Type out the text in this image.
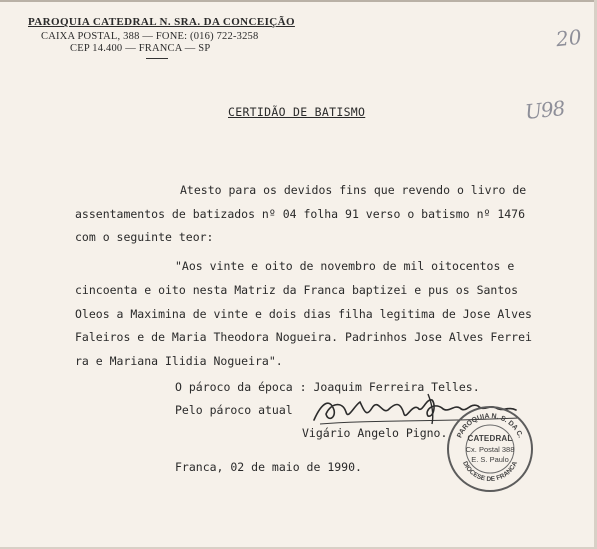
PAROQUIA CATEDRAL N. SRA. DA CONCEIÇÃO
CAIXA POSTAL, 388 — FONE: (016) 722-3258
CEP 14.400 — FRANCA — SP	20
U98
CERTIDÃO DE BATISMO
Atesto para os devidos fins que revendo o livro de
assentamentos de batizados nº 04 folha 91 verso o batismo nº 1476
com o seguinte teor:
"Aos vinte e oito de novembro de mil oitocentos e
cincoenta e oito nesta Matriz da Franca baptizei e pus os Santos
Oleos a Maximina de vinte e dois dias filha legitima de Jose Alves
Faleiros e de Maria Theodora Nogueira. Padrinhos Jose Alves Ferrei
ra e Mariana Ilidia Nogueira".
O pároco da época : Joaquim Ferreira Telles.
Pelo pároco atual
Vigário Angelo Pigno.
Franca, 02 de maio de 1990.
PAROQUIA N. S. DA C.
DIOCESE DE FRANCA
CATEDRAL
Cx. Postal 388
E. S. Paulo
